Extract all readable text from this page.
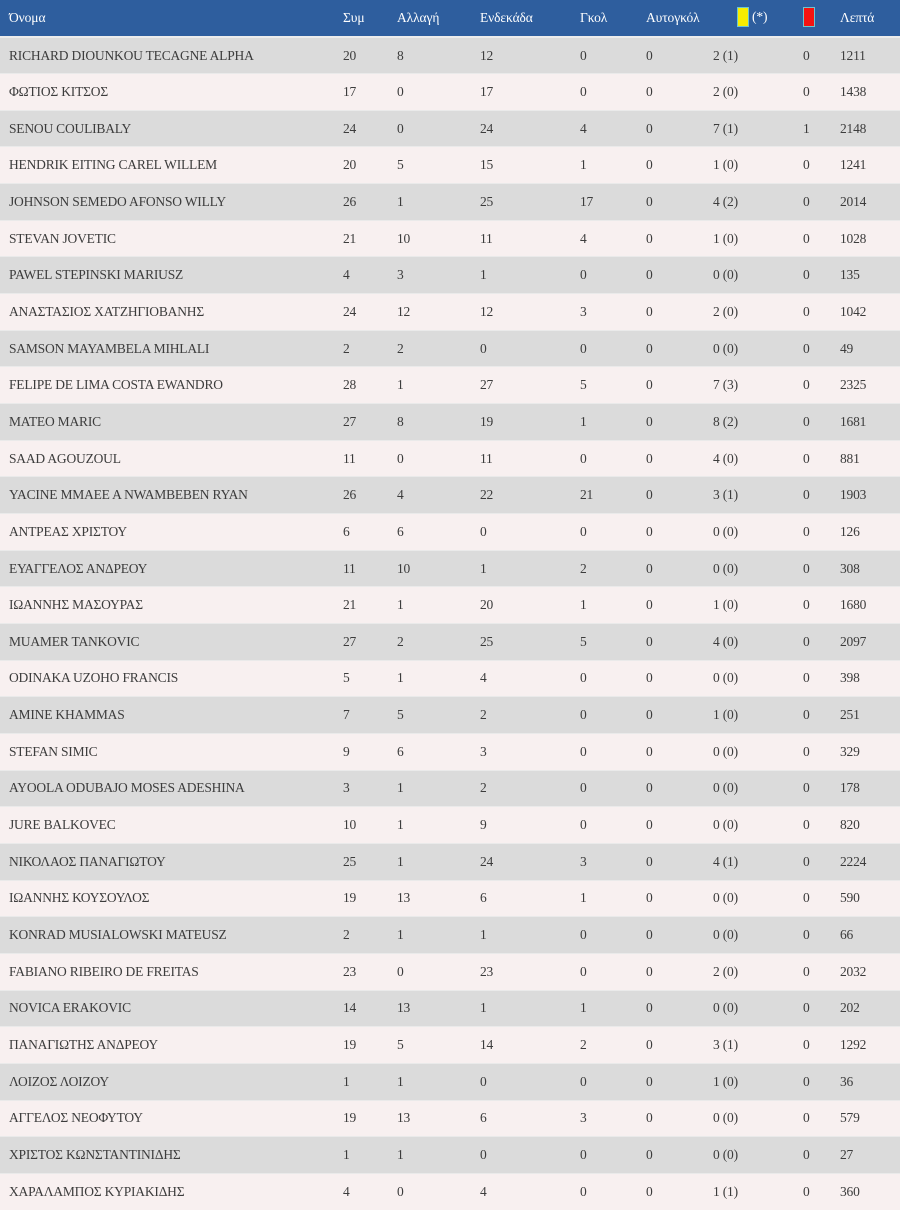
Όνομα	Συμ	Αλλαγή	Ενδεκάδα	Γκολ	Αυτογκόλ	(*)		Λεπτά
RICHARD DIOUNKOU TECAGNE ALPHA	20	8	12	0	0	2 (1)	0	1211
ΦΩΤΙΟΣ ΚΙΤΣΟΣ	17	0	17	0	0	2 (0)	0	1438
SENOU COULIBALY	24	0	24	4	0	7 (1)	1	2148
HENDRIK EITING CAREL WILLEM	20	5	15	1	0	1 (0)	0	1241
JOHNSON SEMEDO AFONSO WILLY	26	1	25	17	0	4 (2)	0	2014
STEVAN JOVETIC	21	10	11	4	0	1 (0)	0	1028
PAWEL STEPINSKI MARIUSZ	4	3	1	0	0	0 (0)	0	135
ΑΝΑΣΤΑΣΙΟΣ ΧΑΤΖΗΓΙΟΒΑΝΗΣ	24	12	12	3	0	2 (0)	0	1042
SAMSON MAYAMBELA MIHLALI	2	2	0	0	0	0 (0)	0	49
FELIPE DE LIMA COSTA EWANDRO	28	1	27	5	0	7 (3)	0	2325
MATEO MARIC	27	8	19	1	0	8 (2)	0	1681
SAAD AGOUZOUL	11	0	11	0	0	4 (0)	0	881
YACINE MMAEE A NWAMBEBEN RYAN	26	4	22	21	0	3 (1)	0	1903
ΑΝΤΡΕΑΣ ΧΡΙΣΤΟΥ	6	6	0	0	0	0 (0)	0	126
ΕΥΑΓΓΕΛΟΣ ΑΝΔΡΕΟΥ	11	10	1	2	0	0 (0)	0	308
ΙΩΑΝΝΗΣ ΜΑΣΟΥΡΑΣ	21	1	20	1	0	1 (0)	0	1680
MUAMER TANKOVIC	27	2	25	5	0	4 (0)	0	2097
ODINAKA UZOHO FRANCIS	5	1	4	0	0	0 (0)	0	398
AMINE KHAMMAS	7	5	2	0	0	1 (0)	0	251
STEFAN SIMIC	9	6	3	0	0	0 (0)	0	329
AYOOLA ODUBAJO MOSES ADESHINA	3	1	2	0	0	0 (0)	0	178
JURE BALKOVEC	10	1	9	0	0	0 (0)	0	820
ΝΙΚΟΛΑΟΣ ΠΑΝΑΓΙΩΤΟΥ	25	1	24	3	0	4 (1)	0	2224
ΙΩΑΝΝΗΣ ΚΟΥΣΟΥΛΟΣ	19	13	6	1	0	0 (0)	0	590
KONRAD MUSIALOWSKI MATEUSZ	2	1	1	0	0	0 (0)	0	66
FABIANO RIBEIRO DE FREITAS	23	0	23	0	0	2 (0)	0	2032
NOVICA ERAKOVIC	14	13	1	1	0	0 (0)	0	202
ΠΑΝΑΓΙΩΤΗΣ ΑΝΔΡΕΟΥ	19	5	14	2	0	3 (1)	0	1292
ΛΟΙΖΟΣ ΛΟΙΖΟΥ	1	1	0	0	0	1 (0)	0	36
ΑΓΓΕΛΟΣ ΝΕΟΦΥΤΟΥ	19	13	6	3	0	0 (0)	0	579
ΧΡΙΣΤΟΣ ΚΩΝΣΤΑΝΤΙΝΙΔΗΣ	1	1	0	0	0	0 (0)	0	27
ΧΑΡΑΛΑΜΠΟΣ ΚΥΡΙΑΚΙΔΗΣ	4	0	4	0	0	1 (1)	0	360
